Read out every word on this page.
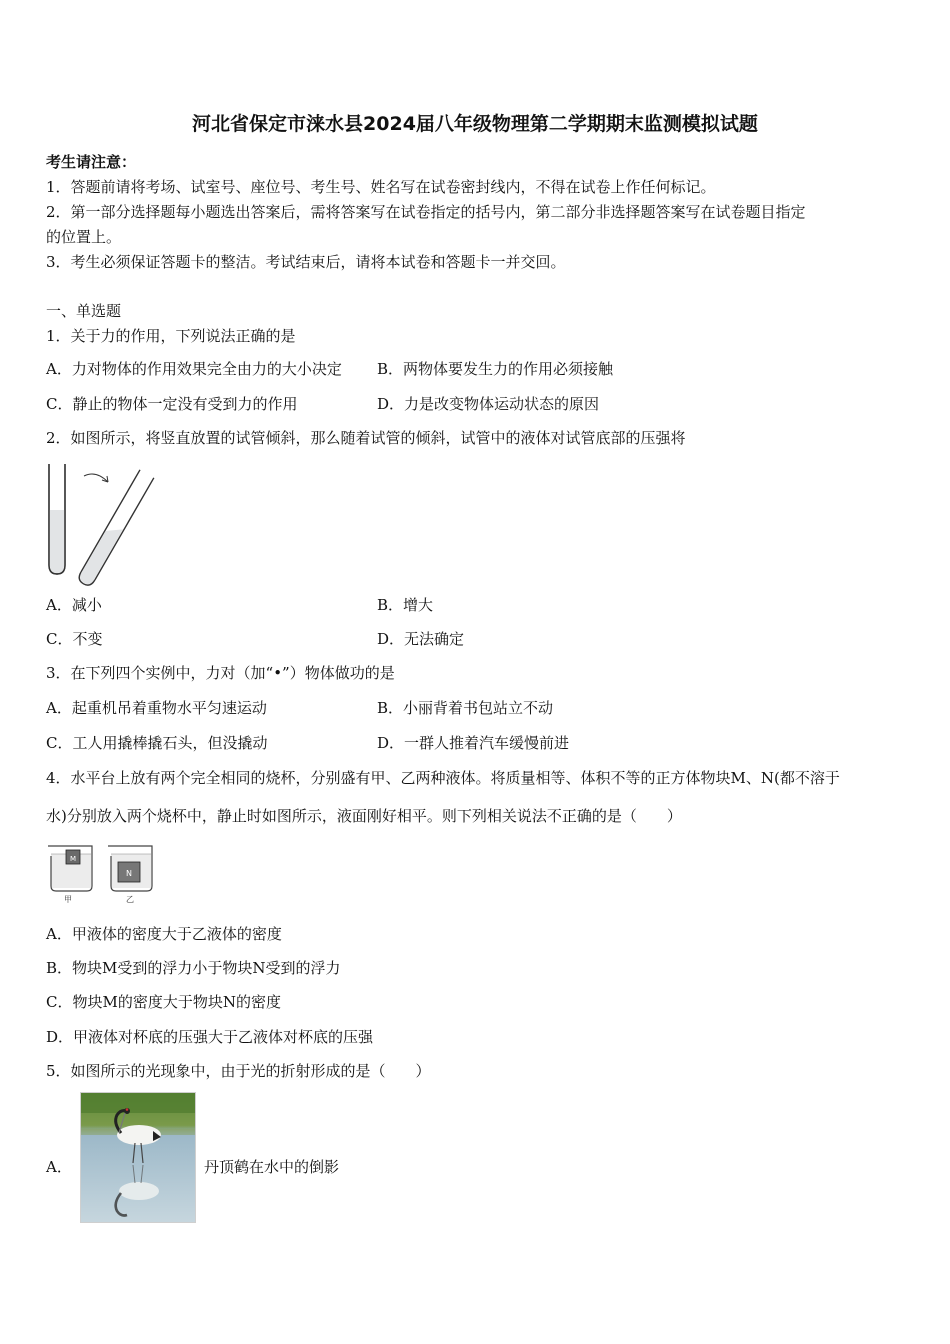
河北省保定市涞水县2024届八年级物理第二学期期末监测模拟试题
考生请注意：
1．答题前请将考场、试室号、座位号、考生号、姓名写在试卷密封线内，不得在试卷上作任何标记。
2．第一部分选择题每小题选出答案后，需将答案写在试卷指定的括号内，第二部分非选择题答案写在试卷题目指定
的位置上。
3．考生必须保证答题卡的整洁。考试结束后，请将本试卷和答题卡一并交回。
一、单选题
1．关于力的作用，下列说法正确的是
A．力对物体的作用效果完全由力的大小决定 B．两物体要发生力的作用必须接触
C．静止的物体一定没有受到力的作用	D．力是改变物体运动状态的原因
2．如图所示，将竖直放置的试管倾斜，那么随着试管的倾斜，试管中的液体对试管底部的压强将
A．减小	B．增大
C．不变	D．无法确定
3．在下列四个实例中，力对（加“•”）物体做功的是
A．起重机吊着重物水平匀速运动	B．小丽背着书包站立不动
C．工人用撬棒撬石头，但没撬动	D．一群人推着汽车缓慢前进
4．水平台上放有两个完全相同的烧杯，分别盛有甲、乙两种液体。将质量相等、体积不等的正方体物块M、N(都不溶于
水)分别放入两个烧杯中，静止时如图所示，液面刚好相平。则下列相关说法不正确的是（　　）
M
甲
N
乙
A．甲液体的密度大于乙液体的密度
B．物块M受到的浮力小于物块N受到的浮力
C．物块M的密度大于物块N的密度
D．甲液体对杯底的压强大于乙液体对杯底的压强
5．如图所示的光现象中，由于光的折射形成的是（　　）
A．	丹顶鹤在水中的倒影
